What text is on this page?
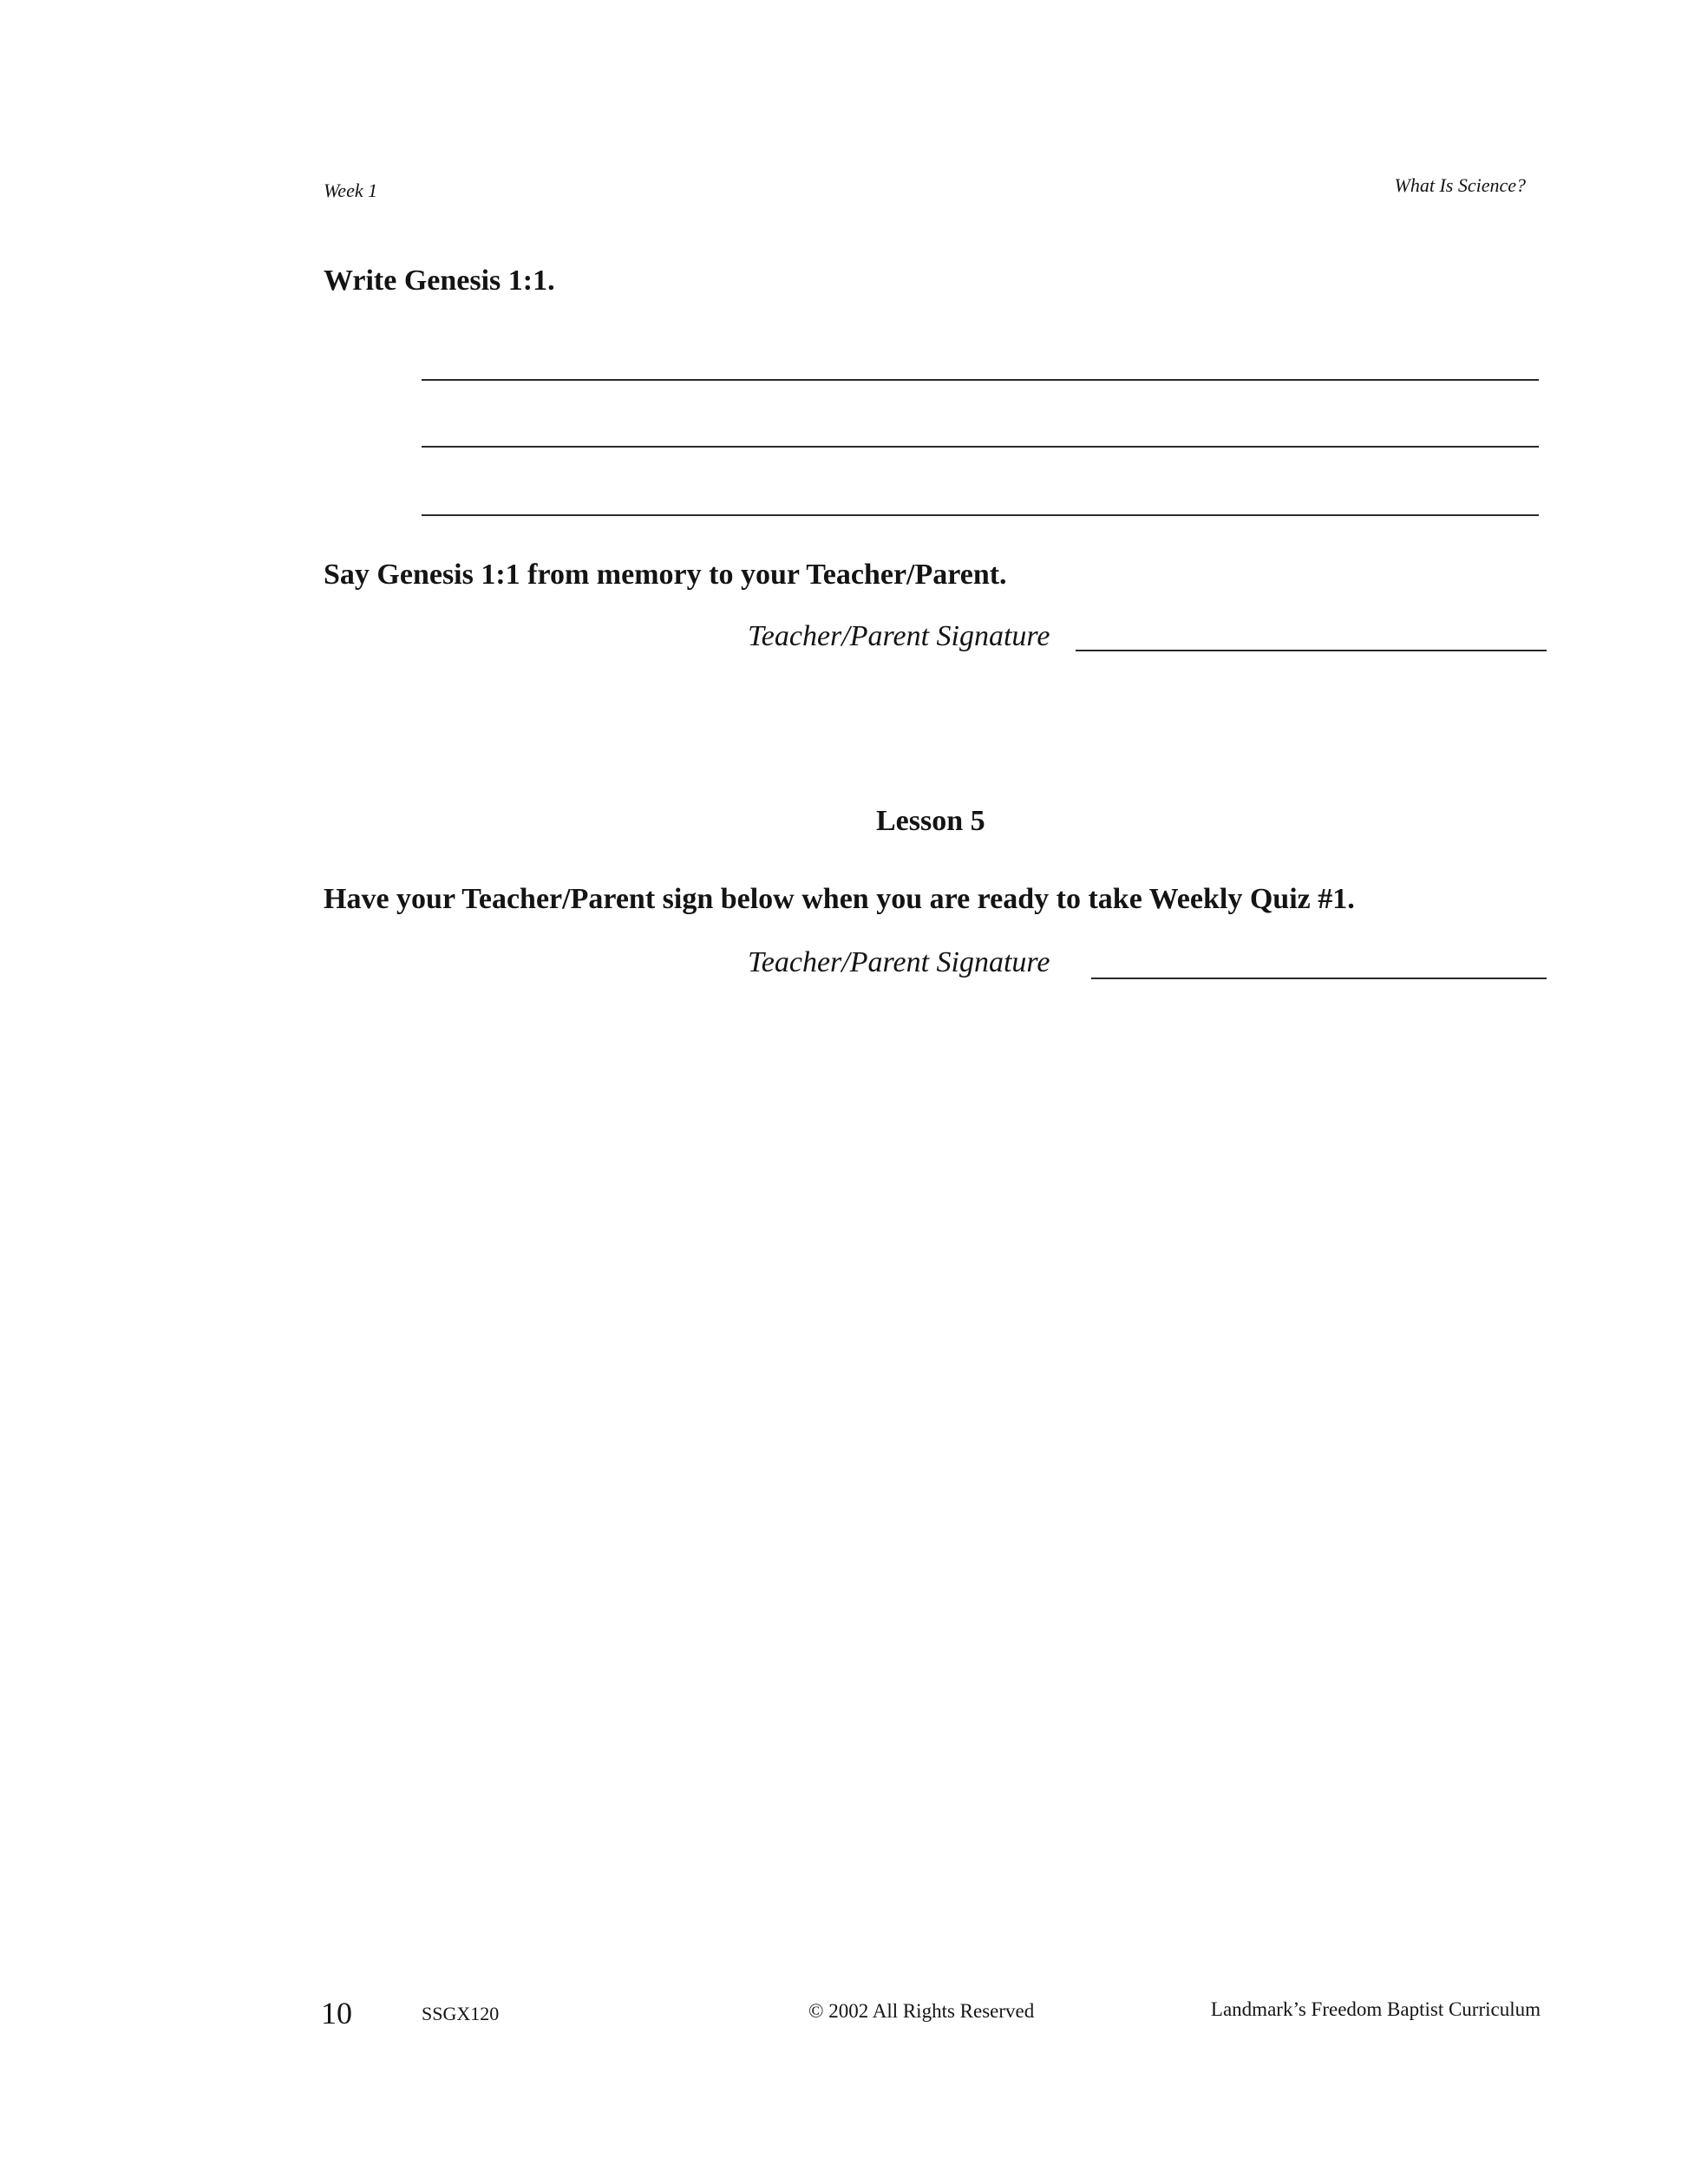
Week 1	What Is Science?
Write Genesis 1:1.
Say Genesis 1:1 from memory to your Teacher/Parent.
Teacher/Parent Signature
Lesson 5
Have your Teacher/Parent sign below when you are ready to take Weekly Quiz #1.
Teacher/Parent Signature
10	SSGX120	© 2002 All Rights Reserved	Landmark’s Freedom Baptist Curriculum
